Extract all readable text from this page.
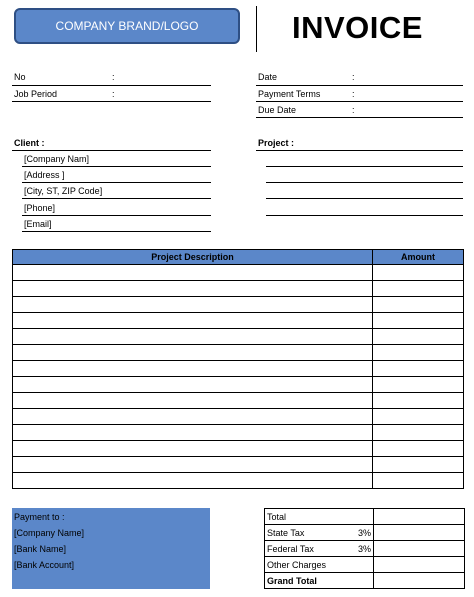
COMPANY BRAND/LOGO	INVOICE
No	:
Job Period	:
Date	:
Payment Terms	:
Due Date	:
Client :
[Company Nam]
[Address ]
[City, ST, ZIP Code]
[Phone]
[Email]
Project :
Project Description	Amount

Payment to :
[Company Name]
[Bank Name]
[Bank Account]
Total

State Tax 3%	

Federal Tax 3%	

Other Charges

Grand Total
